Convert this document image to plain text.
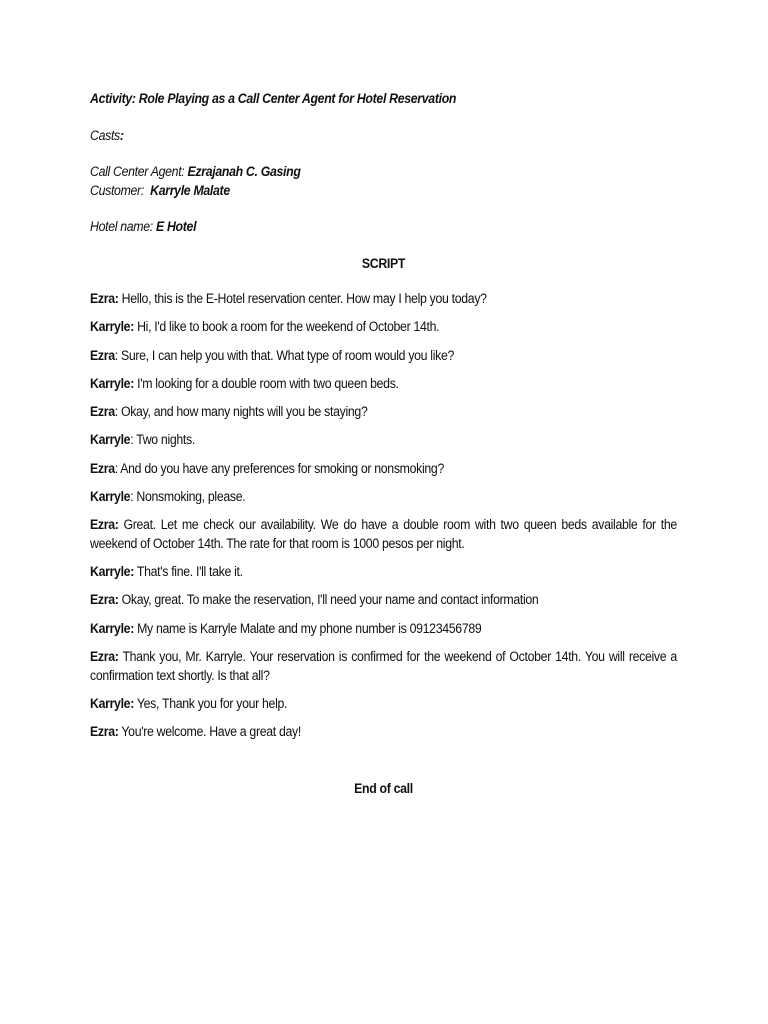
Activity: Role Playing as a Call Center Agent for Hotel Reservation

Casts:

Call Center Agent: Ezrajanah C. Gasing

Customer:  Karryle Malate

Hotel name: E Hotel

SCRIPT

Ezra: Hello, this is the E-Hotel reservation center. How may I help you today?

Karryle: Hi, I'd like to book a room for the weekend of October 14th.

Ezra: Sure, I can help you with that. What type of room would you like?

Karryle: I'm looking for a double room with two queen beds.

Ezra: Okay, and how many nights will you be staying?

Karryle: Two nights.

Ezra: And do you have any preferences for smoking or nonsmoking?

Karryle: Nonsmoking, please.

Ezra: Great. Let me check our availability. We do have a double room with two queen beds available for the weekend of October 14th. The rate for that room is 1000 pesos per night.

Karryle: That's fine. I'll take it.

Ezra: Okay, great. To make the reservation, I'll need your name and contact information

Karryle: My name is Karryle Malate and my phone number is 09123456789

Ezra: Thank you, Mr. Karryle. Your reservation is confirmed for the weekend of October 14th. You will receive a confirmation text shortly. Is that all?

Karryle: Yes, Thank you for your help.

Ezra: You're welcome. Have a great day!

End of call
